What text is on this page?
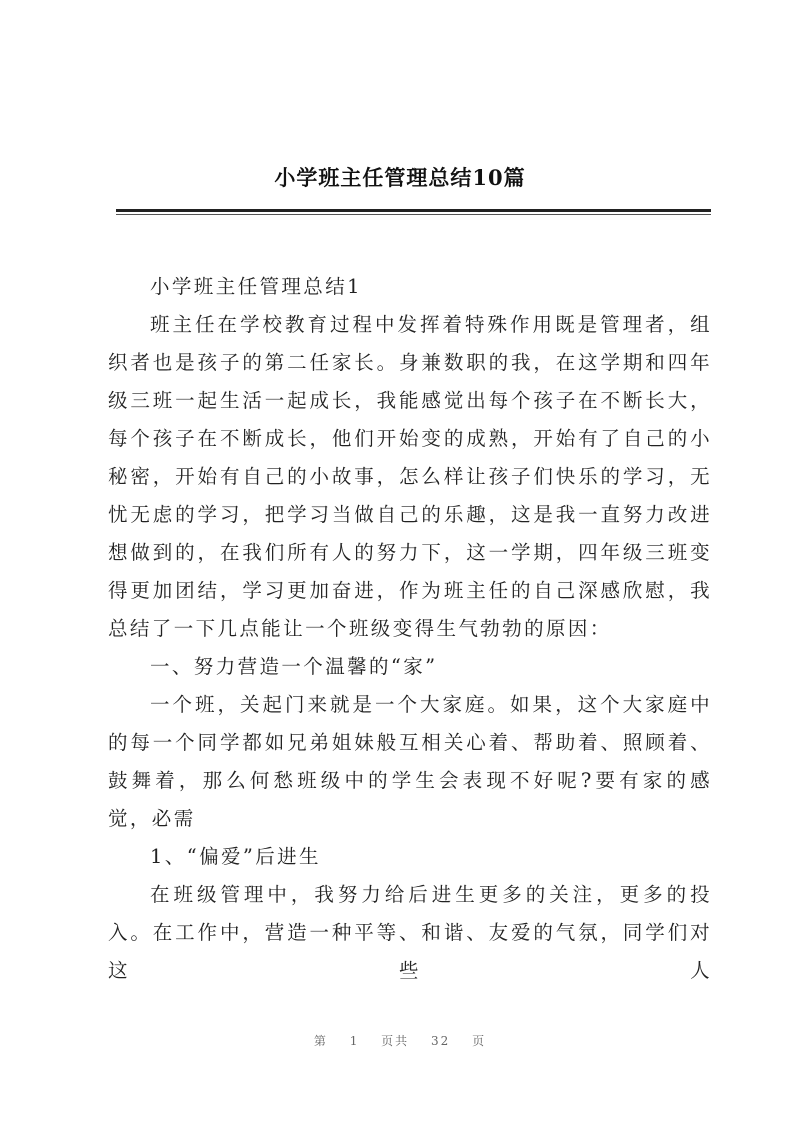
小学班主任管理总结10篇

小学班主任管理总结1

班主任在学校教育过程中发挥着特殊作用既是管理者，组织者也是孩子的第二任家长。身兼数职的我，在这学期和四年级三班一起生活一起成长，我能感觉出每个孩子在不断长大，每个孩子在不断成长，他们开始变的成熟，开始有了自己的小秘密，开始有自己的小故事，怎么样让孩子们快乐的学习，无忧无虑的学习，把学习当做自己的乐趣，这是我一直努力改进想做到的，在我们所有人的努力下，这一学期，四年级三班变得更加团结，学习更加奋进，作为班主任的自己深感欣慰，我总结了一下几点能让一个班级变得生气勃勃的原因：

一、努力营造一个温馨的“家”

一个班，关起门来就是一个大家庭。如果，这个大家庭中的每一个同学都如兄弟姐妹般互相关心着、帮助着、照顾着、鼓舞着，那么何愁班级中的学生会表现不好呢?要有家的感觉，必需

1、“偏爱”后进生

在班级管理中，我努力给后进生更多的关注，更多的投入。在工作中，营造一种平等、和谐、友爱的气氛，同学们对这些人

第 1 页共 32 页
